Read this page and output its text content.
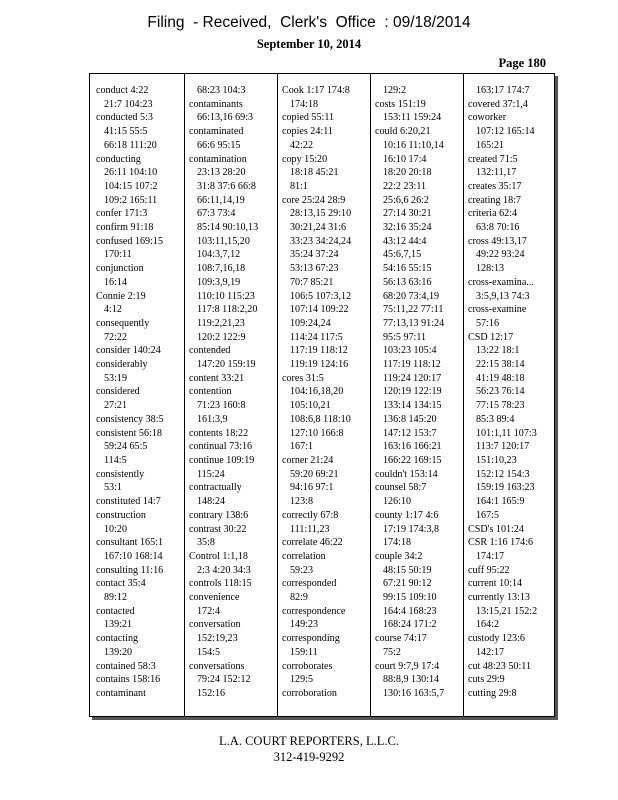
Filing  - Received,  Clerk's  Office  : 09/18/2014
September 10, 2014
Page 180
conduct 4:22
21:7 104:23
conducted 5:3
41:15 55:5
66:18 111:20
conducting
26:11 104:10
104:15 107:2
109:2 165:11
confer 171:3
confirm 91:18
confused 169:15
170:11
conjunction
16:14
Connie 2:19
4:12
consequently
72:22
consider 140:24
considerably
53:19
considered
27:21
consistency 38:5
consistent 56:18
59:24 65:5
114:5
consistently
53:1
constituted 14:7
construction
10:20
consultant 165:1
167:10 168:14
consulting 11:16
contact 35:4
89:12
contacted
139:21
contacting
139:20
contained 58:3
contains 158:16
contaminant
68:23 104:3
contaminants
66:13,16 69:3
contaminated
66:6 95:15
contamination
23:13 28:20
31:8 37:6 66:8
66:11,14,19
67:3 73:4
85:14 90:10,13
103:11,15,20
104:3,7,12
108:7,16,18
109:3,9,19
110:10 115:23
117:8 118:2,20
119:2,21,23
120:2 122:9
contended
147:20 159:19
content 33:21
contention
71:23 160:8
161:3,9
contents 18:22
continual 73:16
continue 109:19
115:24
contractually
148:24
contrary 138:6
contrast 30:22
35:8
Control 1:1,18
2:3 4:20 34:3
controls 118:15
convenience
172:4
conversation
152:19,23
154:5
conversations
79:24 152:12
152:16
Cook 1:17 174:8
174:18
copied 55:11
copies 24:11
42:22
copy 15:20
18:18 45:21
81:1
core 25:24 28:9
28:13,15 29:10
30:21,24 31:6
33:23 34:24,24
35:24 37:24
53:13 67:23
70:7 85:21
106:5 107:3,12
107:14 109:22
109:24,24
114:24 117:5
117:19 118:12
119:19 124:16
cores 31:5
104:16,18,20
105:10,21
108:6,8 118:10
127:10 166:8
167:1
corner 21:24
59:20 69:21
94:16 97:1
123:8
correctly 67:8
111:11,23
correlate 46:22
correlation
59:23
corresponded
82:9
correspondence
149:23
corresponding
159:11
corroborates
129:5
corroboration
129:2
costs 151:19
153:11 159:24
could 6:20,21
10:16 11:10,14
16:10 17:4
18:20 20:18
22:2 23:11
25:6,6 26:2
27:14 30:21
32:16 35:24
43:12 44:4
45:6,7,15
54:16 55:15
56:13 63:16
68:20 73:4,19
75:11,22 77:11
77:13,13 91:24
95:5 97:11
103:23 105:4
117:19 118:12
119:24 120:17
120:19 122:19
133:14 134:15
136:8 145:20
147:12 153:7
163:16 166:21
166:22 169:15
couldn't 153:14
counsel 58:7
126:10
county 1:17 4:6
17:19 174:3,8
174:18
couple 34:2
48:15 50:19
67:21 90:12
99:15 109:10
164:4 168:23
168:24 171:2
course 74:17
75:2
court 9:7,9 17:4
88:8,9 130:14
130:16 163:5,7
163:17 174:7
covered 37:1,4
coworker
107:12 165:14
165:21
created 71:5
132:11,17
creates 35:17
creating 18:7
criteria 62:4
63:8 70:16
cross 49:13,17
49:22 93:24
128:13
cross-examina...
3:5,9,13 74:3
cross-examine
57:16
CSD 12:17
13:22 18:1
22:15 38:14
41:19 48:18
56:23 76:14
77:15 78:23
85:3 89:4
101:1,11 107:3
113:7 120:17
151:10,23
152:12 154:3
159:19 163:23
164:1 165:9
167:5
CSD's 101:24
CSR 1:16 174:6
174:17
cuff 95:22
current 10:14
currently 13:13
13:15,21 152:2
164:2
custody 123:6
142:17
cut 48:23 50:11
cuts 29:9
cutting 29:8
L.A. COURT REPORTERS, L.L.C.
312-419-9292
